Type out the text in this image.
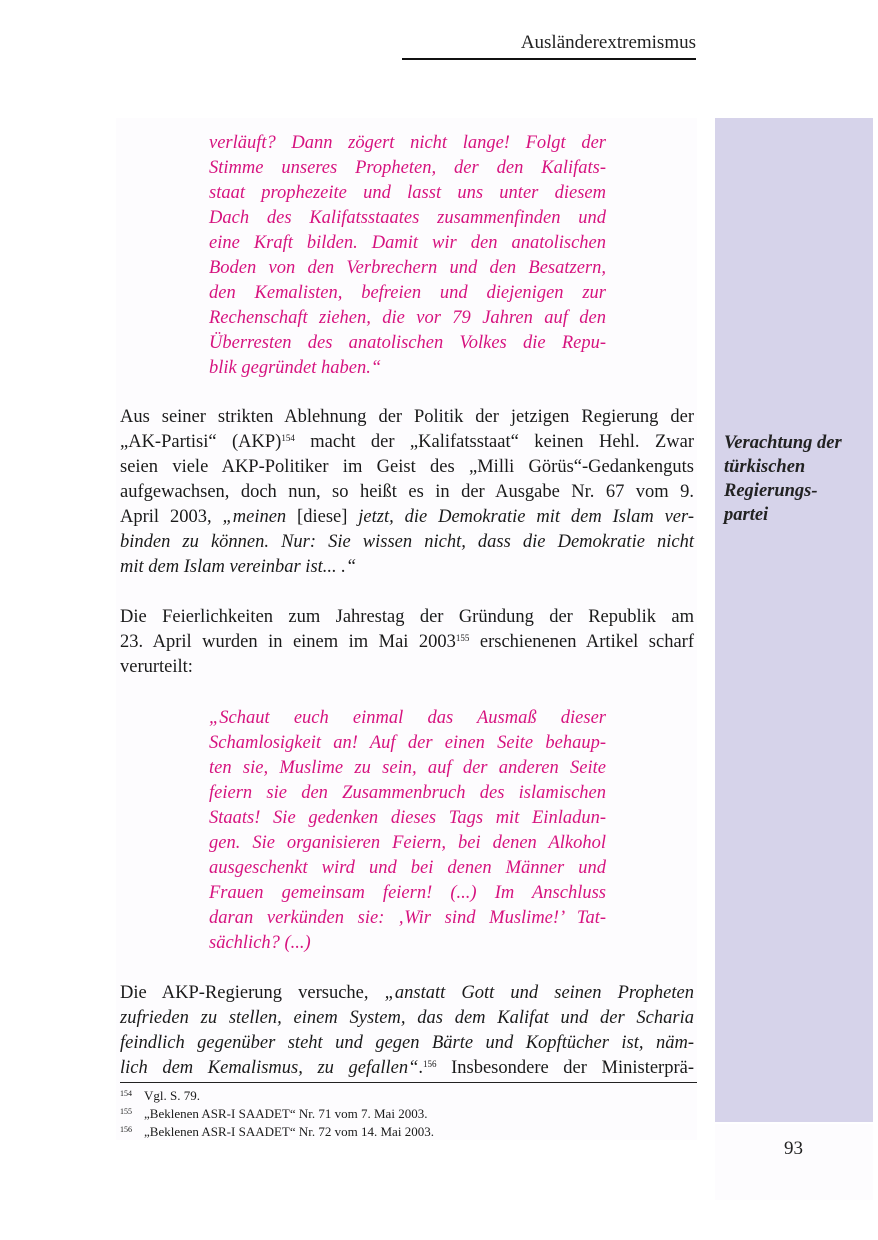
Ausländerextremismus
93
Verachtung der
türkischen
Regierungs-
partei
verläuft? Dann zögert nicht lange! Folgt der
Stimme unseres Propheten, der den Kalifats-
staat prophezeite und lasst uns unter diesem
Dach des Kalifatsstaates zusammenfinden und
eine Kraft bilden. Damit wir den anatolischen
Boden von den Verbrechern und den Besatzern,
den Kemalisten, befreien und diejenigen zur
Rechenschaft ziehen, die vor 79 Jahren auf den
Überresten des anatolischen Volkes die Repu-
blik gegründet haben.“
Aus seiner strikten Ablehnung der Politik der jetzigen Regierung der
„AK-Partisi“ (AKP)$^{154}$ macht der „Kalifatsstaat“ keinen Hehl. Zwar
seien viele AKP-Politiker im Geist des „Milli Görüs“-Gedankenguts
aufgewachsen, doch nun, so heißt es in der Ausgabe Nr. 67 vom 9.
April 2003, „meinen [diese] jetzt, die Demokratie mit dem Islam ver-
binden zu können. Nur: Sie wissen nicht, dass die Demokratie nicht
mit dem Islam vereinbar ist... .“
Die Feierlichkeiten zum Jahrestag der Gründung der Republik am
23. April wurden in einem im Mai 2003$^{155}$ erschienenen Artikel scharf
verurteilt:
„Schaut euch einmal das Ausmaß dieser
Schamlosigkeit an! Auf der einen Seite behaup-
ten sie, Muslime zu sein, auf der anderen Seite
feiern sie den Zusammenbruch des islamischen
Staats! Sie gedenken dieses Tags mit Einladun-
gen. Sie organisieren Feiern, bei denen Alkohol
ausgeschenkt wird und bei denen Männer und
Frauen gemeinsam feiern! (...) Im Anschluss
daran verkünden sie: ‚Wir sind Muslime!’ Tat-
sächlich? (...)
Die AKP-Regierung versuche, „anstatt Gott und seinen Propheten
zufrieden zu stellen, einem System, das dem Kalifat und der Scharia
feindlich gegenüber steht und gegen Bärte und Kopftücher ist, näm-
lich dem Kemalismus, zu gefallen“.$^{156}$ Insbesondere der Ministerprä-
154 Vgl. S. 79.
155 „Beklenen ASR-I SAADET“ Nr. 71 vom 7. Mai 2003.
156 „Beklenen ASR-I SAADET“ Nr. 72 vom 14. Mai 2003.
